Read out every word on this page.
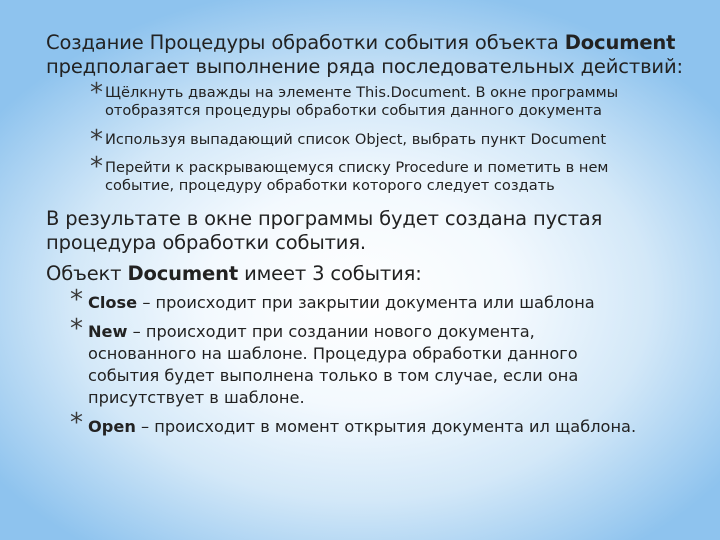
Создание Процедуры обработки события объекта Document

предполагает выполнение ряда последовательных действий:

* Щёлкнуть дважды на элементе This.Document. В окне программы

отобразятся процедуры обработки события данного документа

* Используя выпадающий список Object, выбрать пункт Document

* Перейти к раскрывающемуся списку Procedure и пометить в нем

событие, процедуру обработки которого следует создать

В результате в окне программы будет создана пустая

процедура обработки события.

Объект Document имеет 3 события:

* Close – происходит при закрытии документа или шаблона

* New – происходит при создании нового документа,

основанного на шаблоне. Процедура обработки данного

события будет выполнена только в том случае, если она

присутствует в шаблоне.

* Open – происходит в момент открытия документа ил щаблона.
